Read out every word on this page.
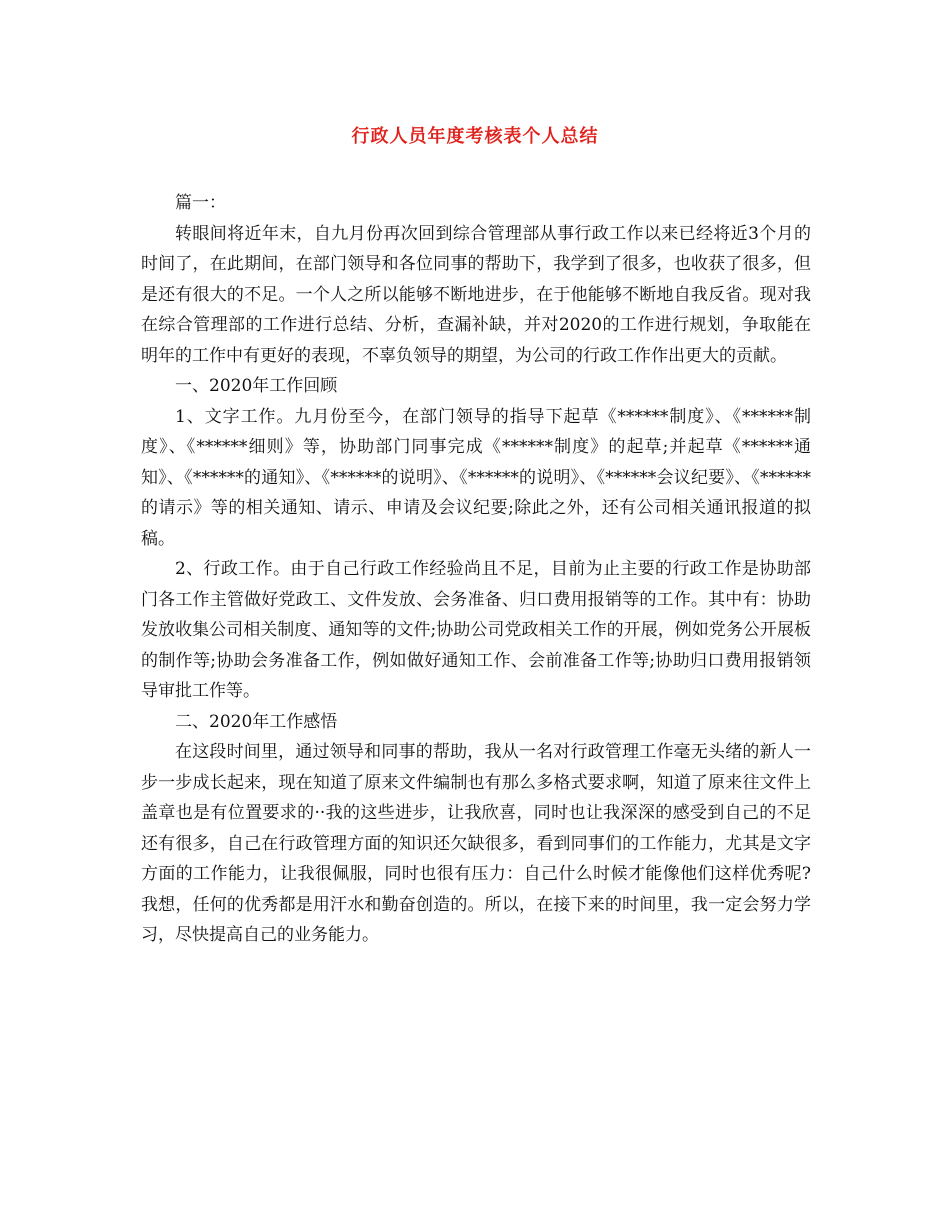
行政人员年度考核表个人总结

篇一：

转眼间将近年末，自九月份再次回到综合管理部从事行政工作以来已经将近3个月的时间了，在此期间，在部门领导和各位同事的帮助下，我学到了很多，也收获了很多，但是还有很大的不足。一个人之所以能够不断地进步，在于他能够不断地自我反省。现对我在综合管理部的工作进行总结、分析，查漏补缺，并对2020的工作进行规划，争取能在明年的工作中有更好的表现，不辜负领导的期望，为公司的行政工作作出更大的贡献。

一、2020年工作回顾

1、文字工作。九月份至今，在部门领导的指导下起草《******制度》、《******制度》、《******细则》等，协助部门同事完成《******制度》的起草;并起草《******通知》、《******的通知》、《******的说明》、《******的说明》、《******会议纪要》、《******的请示》等的相关通知、请示、申请及会议纪要;除此之外，还有公司相关通讯报道的拟稿。

2、行政工作。由于自己行政工作经验尚且不足，目前为止主要的行政工作是协助部门各工作主管做好党政工、文件发放、会务准备、归口费用报销等的工作。其中有：协助发放收集公司相关制度、通知等的文件;协助公司党政相关工作的开展，例如党务公开展板的制作等;协助会务准备工作，例如做好通知工作、会前准备工作等;协助归口费用报销领导审批工作等。

二、2020年工作感悟

在这段时间里，通过领导和同事的帮助，我从一名对行政管理工作毫无头绪的新人一步一步成长起来，现在知道了原来文件编制也有那么多格式要求啊，知道了原来往文件上盖章也是有位置要求的··我的这些进步，让我欣喜，同时也让我深深的感受到自己的不足还有很多，自己在行政管理方面的知识还欠缺很多，看到同事们的工作能力，尤其是文字方面的工作能力，让我很佩服，同时也很有压力：自己什么时候才能像他们这样优秀呢?我想，任何的优秀都是用汗水和勤奋创造的。所以，在接下来的时间里，我一定会努力学习，尽快提高自己的业务能力。
